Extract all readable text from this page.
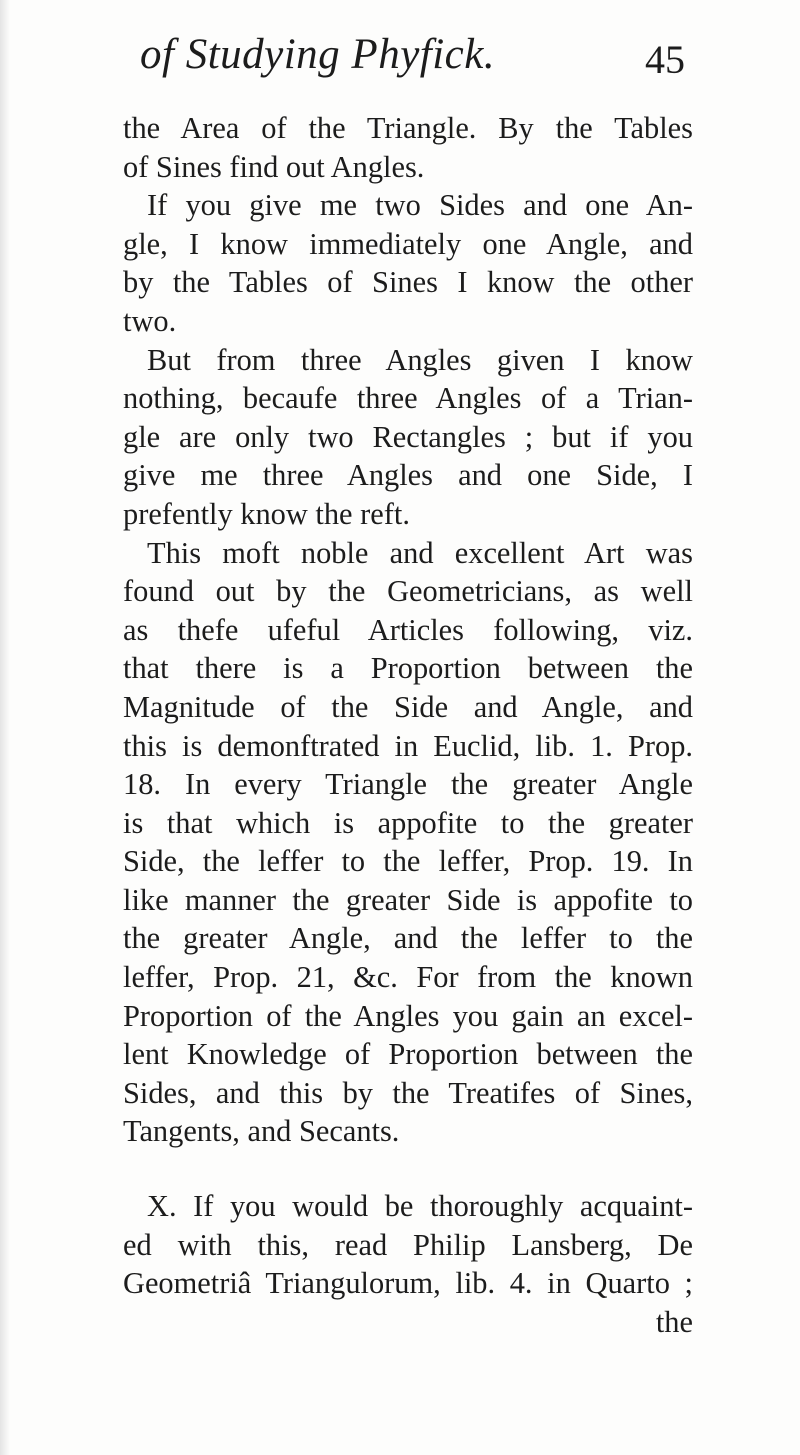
of Studying Phyfick.	45
the Area of the Triangle. By the Tables
of Sines find out Angles.
If you give me two Sides and one An-
gle, I know immediately one Angle, and
by the Tables of Sines I know the other
two.
But from three Angles given I know
nothing, becaufe three Angles of a Trian-
gle are only two Rectangles ; but if you
give me three Angles and one Side, I
prefently know the reft.
This moft noble and excellent Art was
found out by the Geometricians, as well
as thefe ufeful Articles following, viz.
that there is a Proportion between the
Magnitude of the Side and Angle, and
this is demonftrated in Euclid, lib. 1. Prop.
18. In every Triangle the greater Angle
is that which is appofite to the greater
Side, the leffer to the leffer, Prop. 19. In
like manner the greater Side is appofite to
the greater Angle, and the leffer to the
leffer, Prop. 21, &c. For from the known
Proportion of the Angles you gain an excel-
lent Knowledge of Proportion between the
Sides, and this by the Treatifes of Sines,
Tangents, and Secants.
X. If you would be thoroughly acquaint-
ed with this, read Philip Lansberg, De
Geometriâ Triangulorum, lib. 4. in Quarto ;
the
